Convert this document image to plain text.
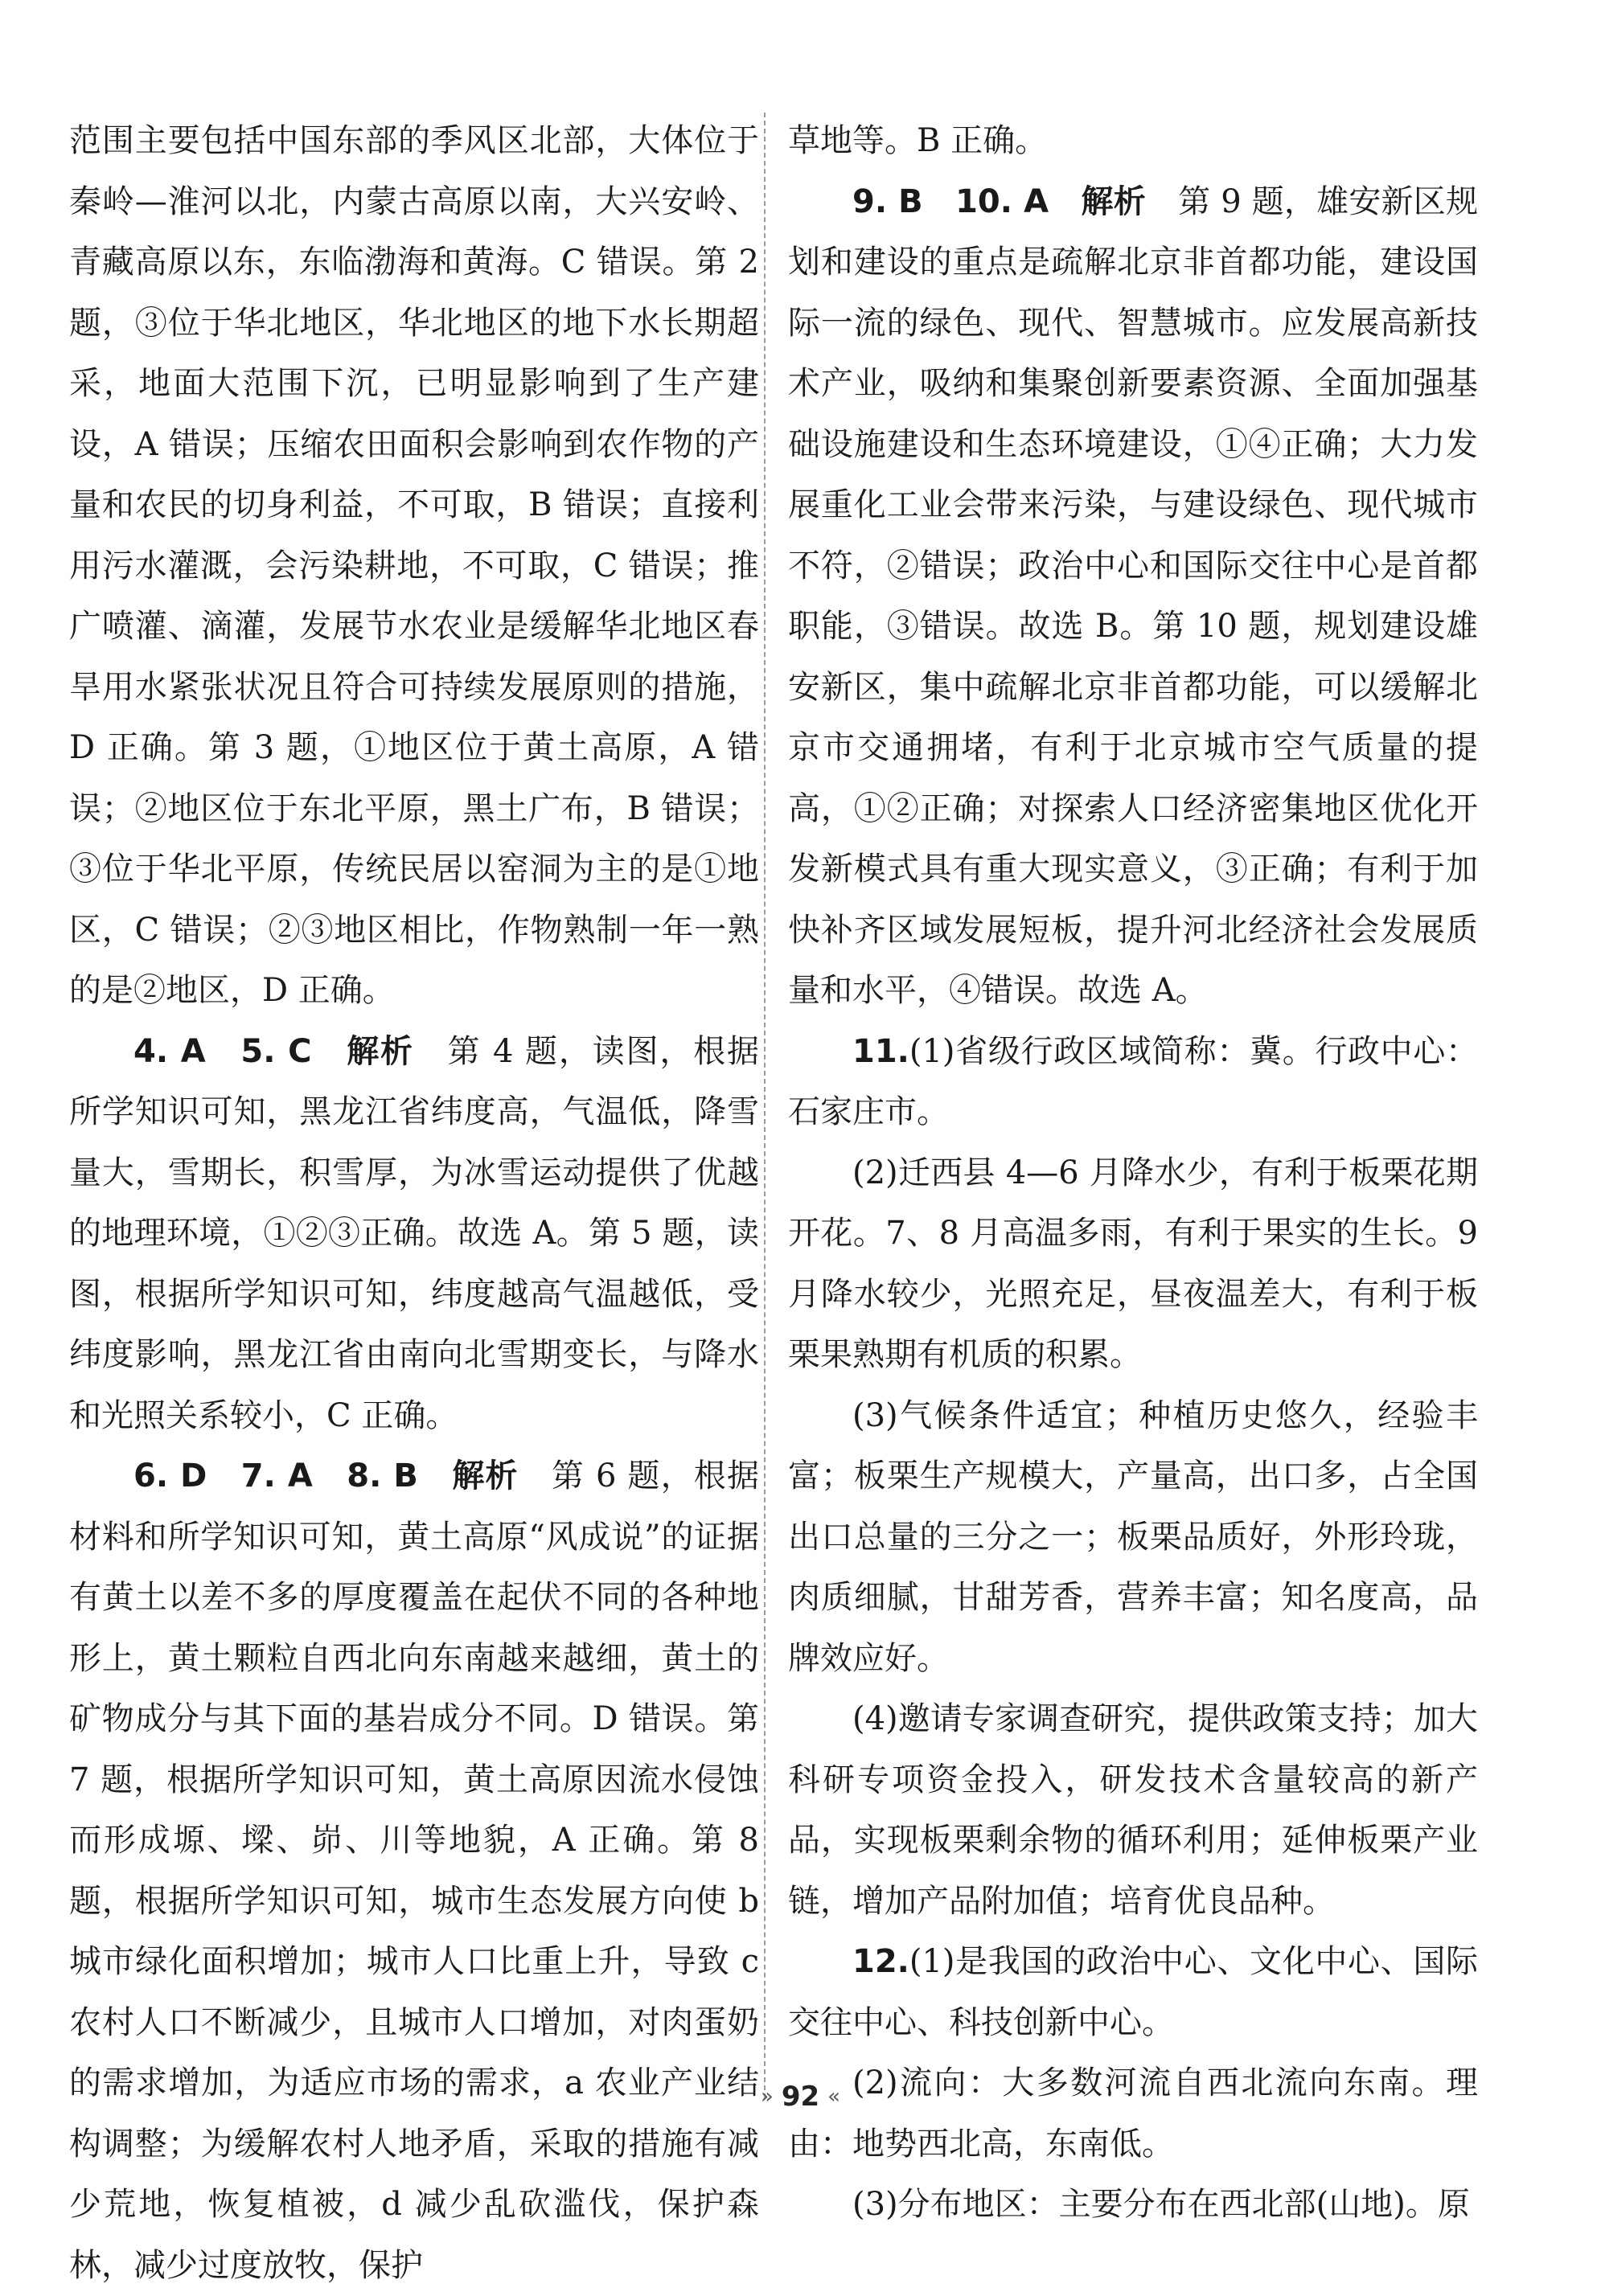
范围主要包括中国东部的季风区北部，大体位于秦岭—淮河以北，内蒙古高原以南，大兴安岭、青藏高原以东，东临渤海和黄海。C 错误。第 2 题，③位于华北地区，华北地区的地下水长期超采，地面大范围下沉，已明显影响到了生产建设，A 错误；压缩农田面积会影响到农作物的产量和农民的切身利益，不可取，B 错误；直接利用污水灌溉，会污染耕地，不可取，C 错误；推广喷灌、滴灌，发展节水农业是缓解华北地区春旱用水紧张状况且符合可持续发展原则的措施，D 正确。第 3 题，①地区位于黄土高原，A 错误；②地区位于东北平原，黑土广布，B 错误；③位于华北平原，传统民居以窑洞为主的是①地区，C 错误；②③地区相比，作物熟制一年一熟的是②地区，D 正确。

4. A　5. C　 解析　 第 4 题，读图，根据所学知识可知，黑龙江省纬度高，气温低，降雪量大，雪期长，积雪厚，为冰雪运动提供了优越的地理环境，①②③正确。故选 A。第 5 题，读图，根据所学知识可知，纬度越高气温越低，受纬度影响，黑龙江省由南向北雪期变长，与降水和光照关系较小，C 正确。

6. D　7. A　8. B　 解析　 第 6 题，根据材料和所学知识可知，黄土高原“风成说”的证据有黄土以差不多的厚度覆盖在起伏不同的各种地形上，黄土颗粒自西北向东南越来越细，黄土的矿物成分与其下面的基岩成分不同。D 错误。第 7 题，根据所学知识可知，黄土高原因流水侵蚀而形成塬、墚、峁、川等地貌，A 正确。第 8 题，根据所学知识可知，城市生态发展方向使 b 城市绿化面积增加；城市人口比重上升，导致 c 农村人口不断减少，且城市人口增加，对肉蛋奶的需求增加，为适应市场的需求，a 农业产业结构调整；为缓解农村人地矛盾，采取的措施有减少荒地，恢复植被，d 减少乱砍滥伐，保护森林，减少过度放牧，保护

草地等。B 正确。

9. B　10. A　 解析　 第 9 题，雄安新区规划和建设的重点是疏解北京非首都功能，建设国际一流的绿色、现代、智慧城市。应发展高新技术产业，吸纳和集聚创新要素资源、全面加强基础设施建设和生态环境建设，①④正确；大力发展重化工业会带来污染，与建设绿色、现代城市不符，②错误；政治中心和国际交往中心是首都职能，③错误。故选 B。第 10 题，规划建设雄安新区，集中疏解北京非首都功能，可以缓解北京市交通拥堵，有利于北京城市空气质量的提高，①②正确；对探索人口经济密集地区优化开发新模式具有重大现实意义，③正确；有利于加快补齐区域发展短板，提升河北经济社会发展质量和水平，④错误。故选 A。

11.(1)省级行政区域简称：冀。行政中心：石家庄市。

(2)迁西县 4—6 月降水少，有利于板栗花期开花。7、8 月高温多雨，有利于果实的生长。9 月降水较少，光照充足，昼夜温差大，有利于板栗果熟期有机质的积累。

(3)气候条件适宜；种植历史悠久，经验丰富；板栗生产规模大，产量高，出口多，占全国出口总量的三分之一；板栗品质好，外形玲珑，肉质细腻，甘甜芳香，营养丰富；知名度高，品牌效应好。

(4)邀请专家调查研究，提供政策支持；加大科研专项资金投入，研发技术含量较高的新产品，实现板栗剩余物的循环利用；延伸板栗产业链，增加产品附加值；培育优良品种。

12.(1)是我国的政治中心、文化中心、国际交往中心、科技创新中心。

(2)流向：大多数河流自西北流向东南。理由：地势西北高，东南低。

(3)分布地区：主要分布在西北部(山地)。原

» 92 «
